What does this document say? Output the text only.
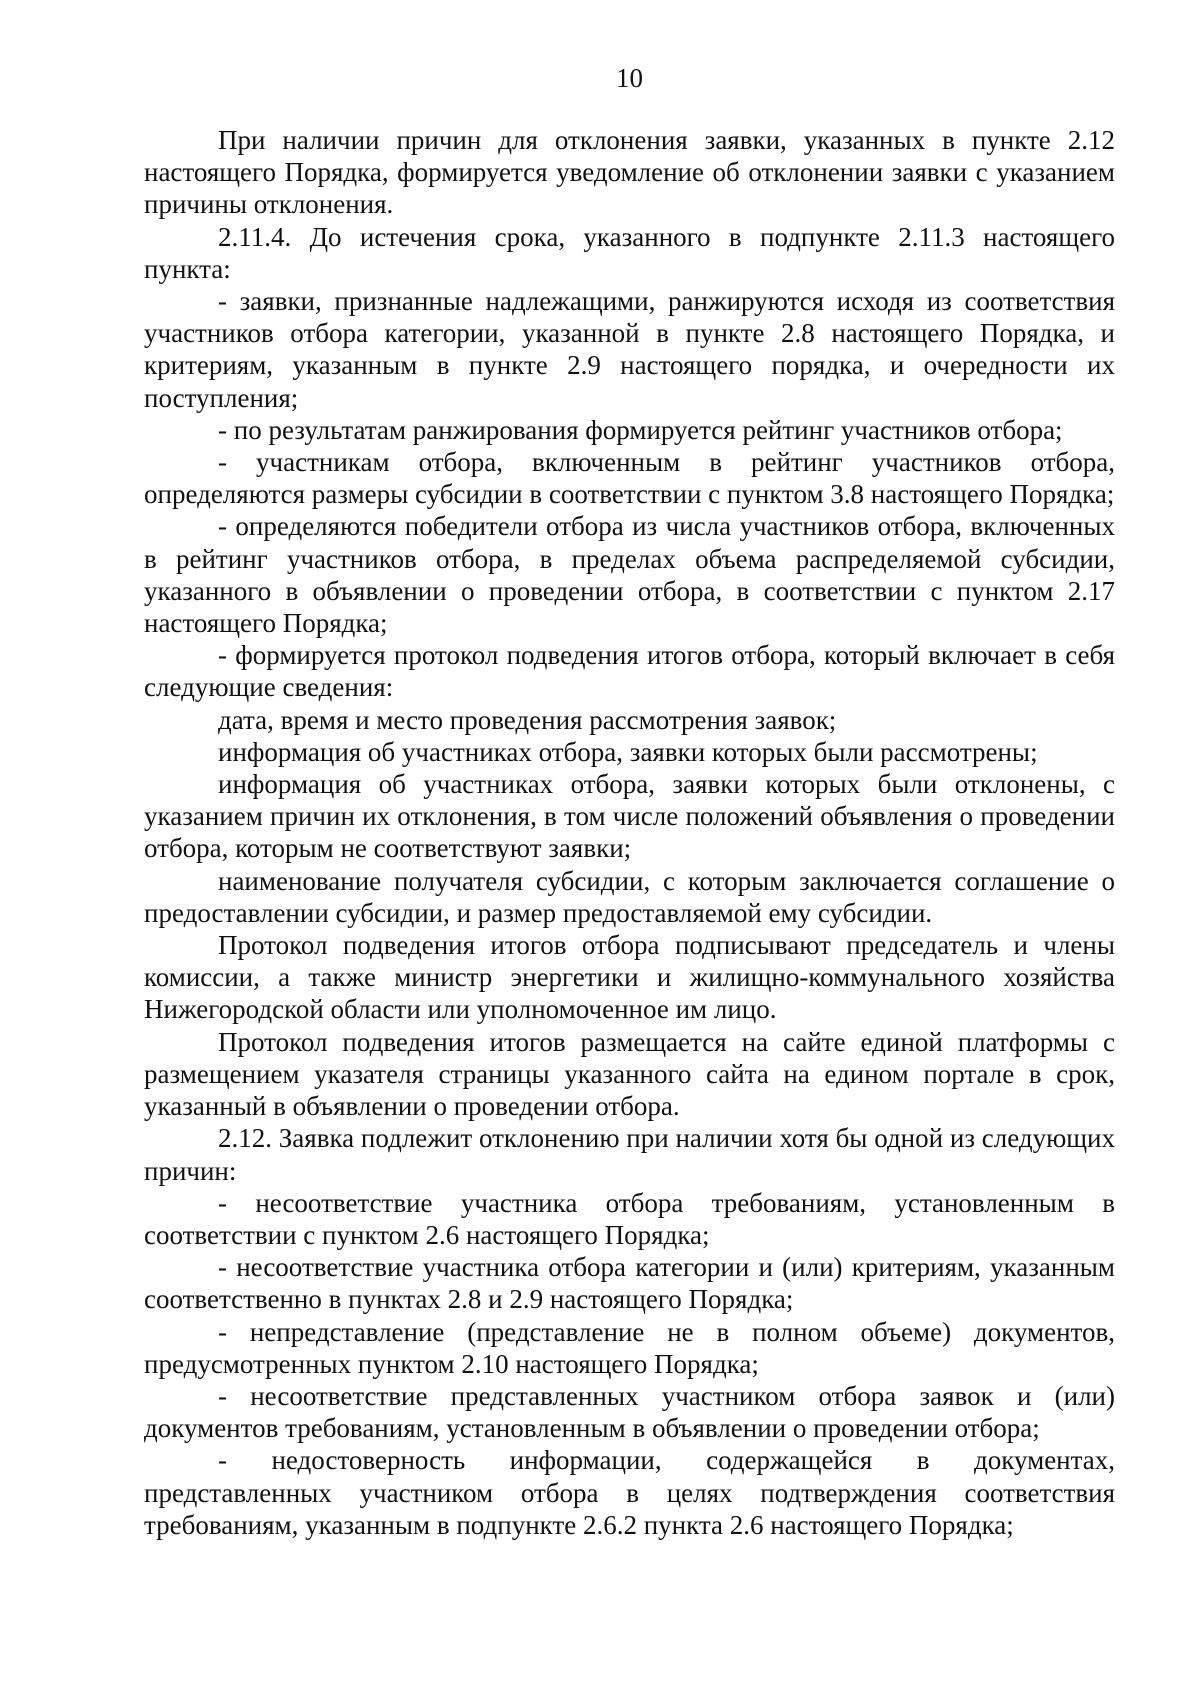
10

При наличии причин для отклонения заявки, указанных в пункте 2.12 настоящего Порядка, формируется уведомление об отклонении заявки с указанием причины отклонения.

2.11.4. До истечения срока, указанного в подпункте 2.11.3 настоящего пункта:

- заявки, признанные надлежащими, ранжируются исходя из соответствия участников отбора категории, указанной в пункте 2.8 настоящего Порядка, и критериям, указанным в пункте 2.9 настоящего порядка, и очередности их поступления;

- по результатам ранжирования формируется рейтинг участников отбора;

- участникам отбора, включенным в рейтинг участников отбора, определяются размеры субсидии в соответствии с пунктом 3.8 настоящего Порядка;

- определяются победители отбора из числа участников отбора, включенных в рейтинг участников отбора, в пределах объема распределяемой субсидии, указанного в объявлении о проведении отбора, в соответствии с пунктом 2.17 настоящего Порядка;

- формируется протокол подведения итогов отбора, который включает в себя следующие сведения:

дата, время и место проведения рассмотрения заявок;

информация об участниках отбора, заявки которых были рассмотрены;

информация об участниках отбора, заявки которых были отклонены, с указанием причин их отклонения, в том числе положений объявления о проведении отбора, которым не соответствуют заявки;

наименование получателя субсидии, с которым заключается соглашение о предоставлении субсидии, и размер предоставляемой ему субсидии.

Протокол подведения итогов отбора подписывают председатель и члены комиссии, а также министр энергетики и жилищно-коммунального хозяйства Нижегородской области или уполномоченное им лицо.

Протокол подведения итогов размещается на сайте единой платформы с размещением указателя страницы указанного сайта на едином портале в срок, указанный в объявлении о проведении отбора.

2.12. Заявка подлежит отклонению при наличии хотя бы одной из следующих причин:

- несоответствие участника отбора требованиям, установленным в соответствии с пунктом 2.6 настоящего Порядка;

- несоответствие участника отбора категории и (или) критериям, указанным соответственно в пунктах 2.8 и 2.9 настоящего Порядка;

- непредставление (представление не в полном объеме) документов, предусмотренных пунктом 2.10 настоящего Порядка;

- несоответствие представленных участником отбора заявок и (или) документов требованиям, установленным в объявлении о проведении отбора;

- недостоверность информации, содержащейся в документах, представленных участником отбора в целях подтверждения соответствия требованиям, указанным в подпункте 2.6.2 пункта 2.6 настоящего Порядка;
